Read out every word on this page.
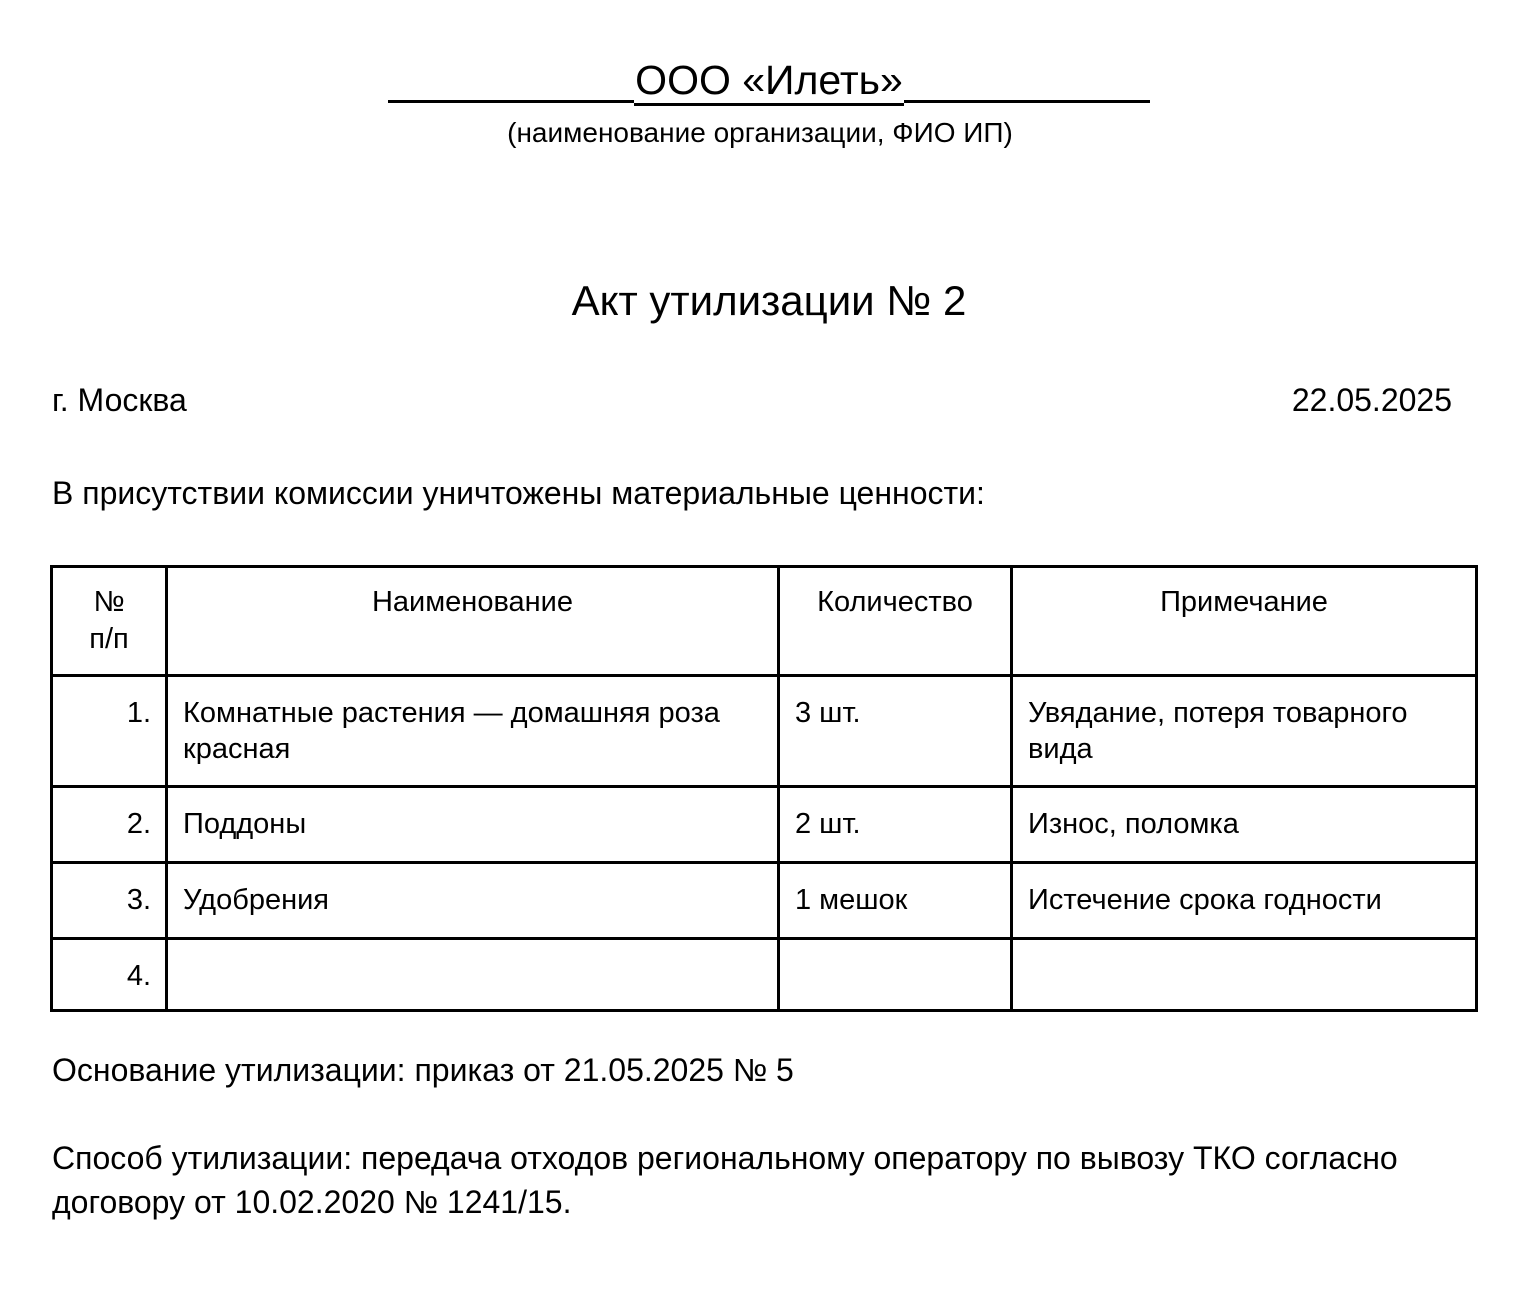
ООО «Илеть»
(наименование организации, ФИО ИП)
Акт утилизации № 2
г. Москва	22.05.2025
В присутствии комиссии уничтожены материальные ценности:
№
п/п	Наименование	Количество	Примечание
1.	Комнатные растения — домашняя роза красная	3 шт.	Увядание, потеря товарного вида
2.	Поддоны	2 шт.	Износ, поломка
3.	Удобрения	1 мешок	Истечение срока годности
4.			
Основание утилизации: приказ от 21.05.2025 № 5
Способ утилизации: передача отходов региональному оператору по вывозу ТКО согласно договору от 10.02.2020 № 1241/15.
